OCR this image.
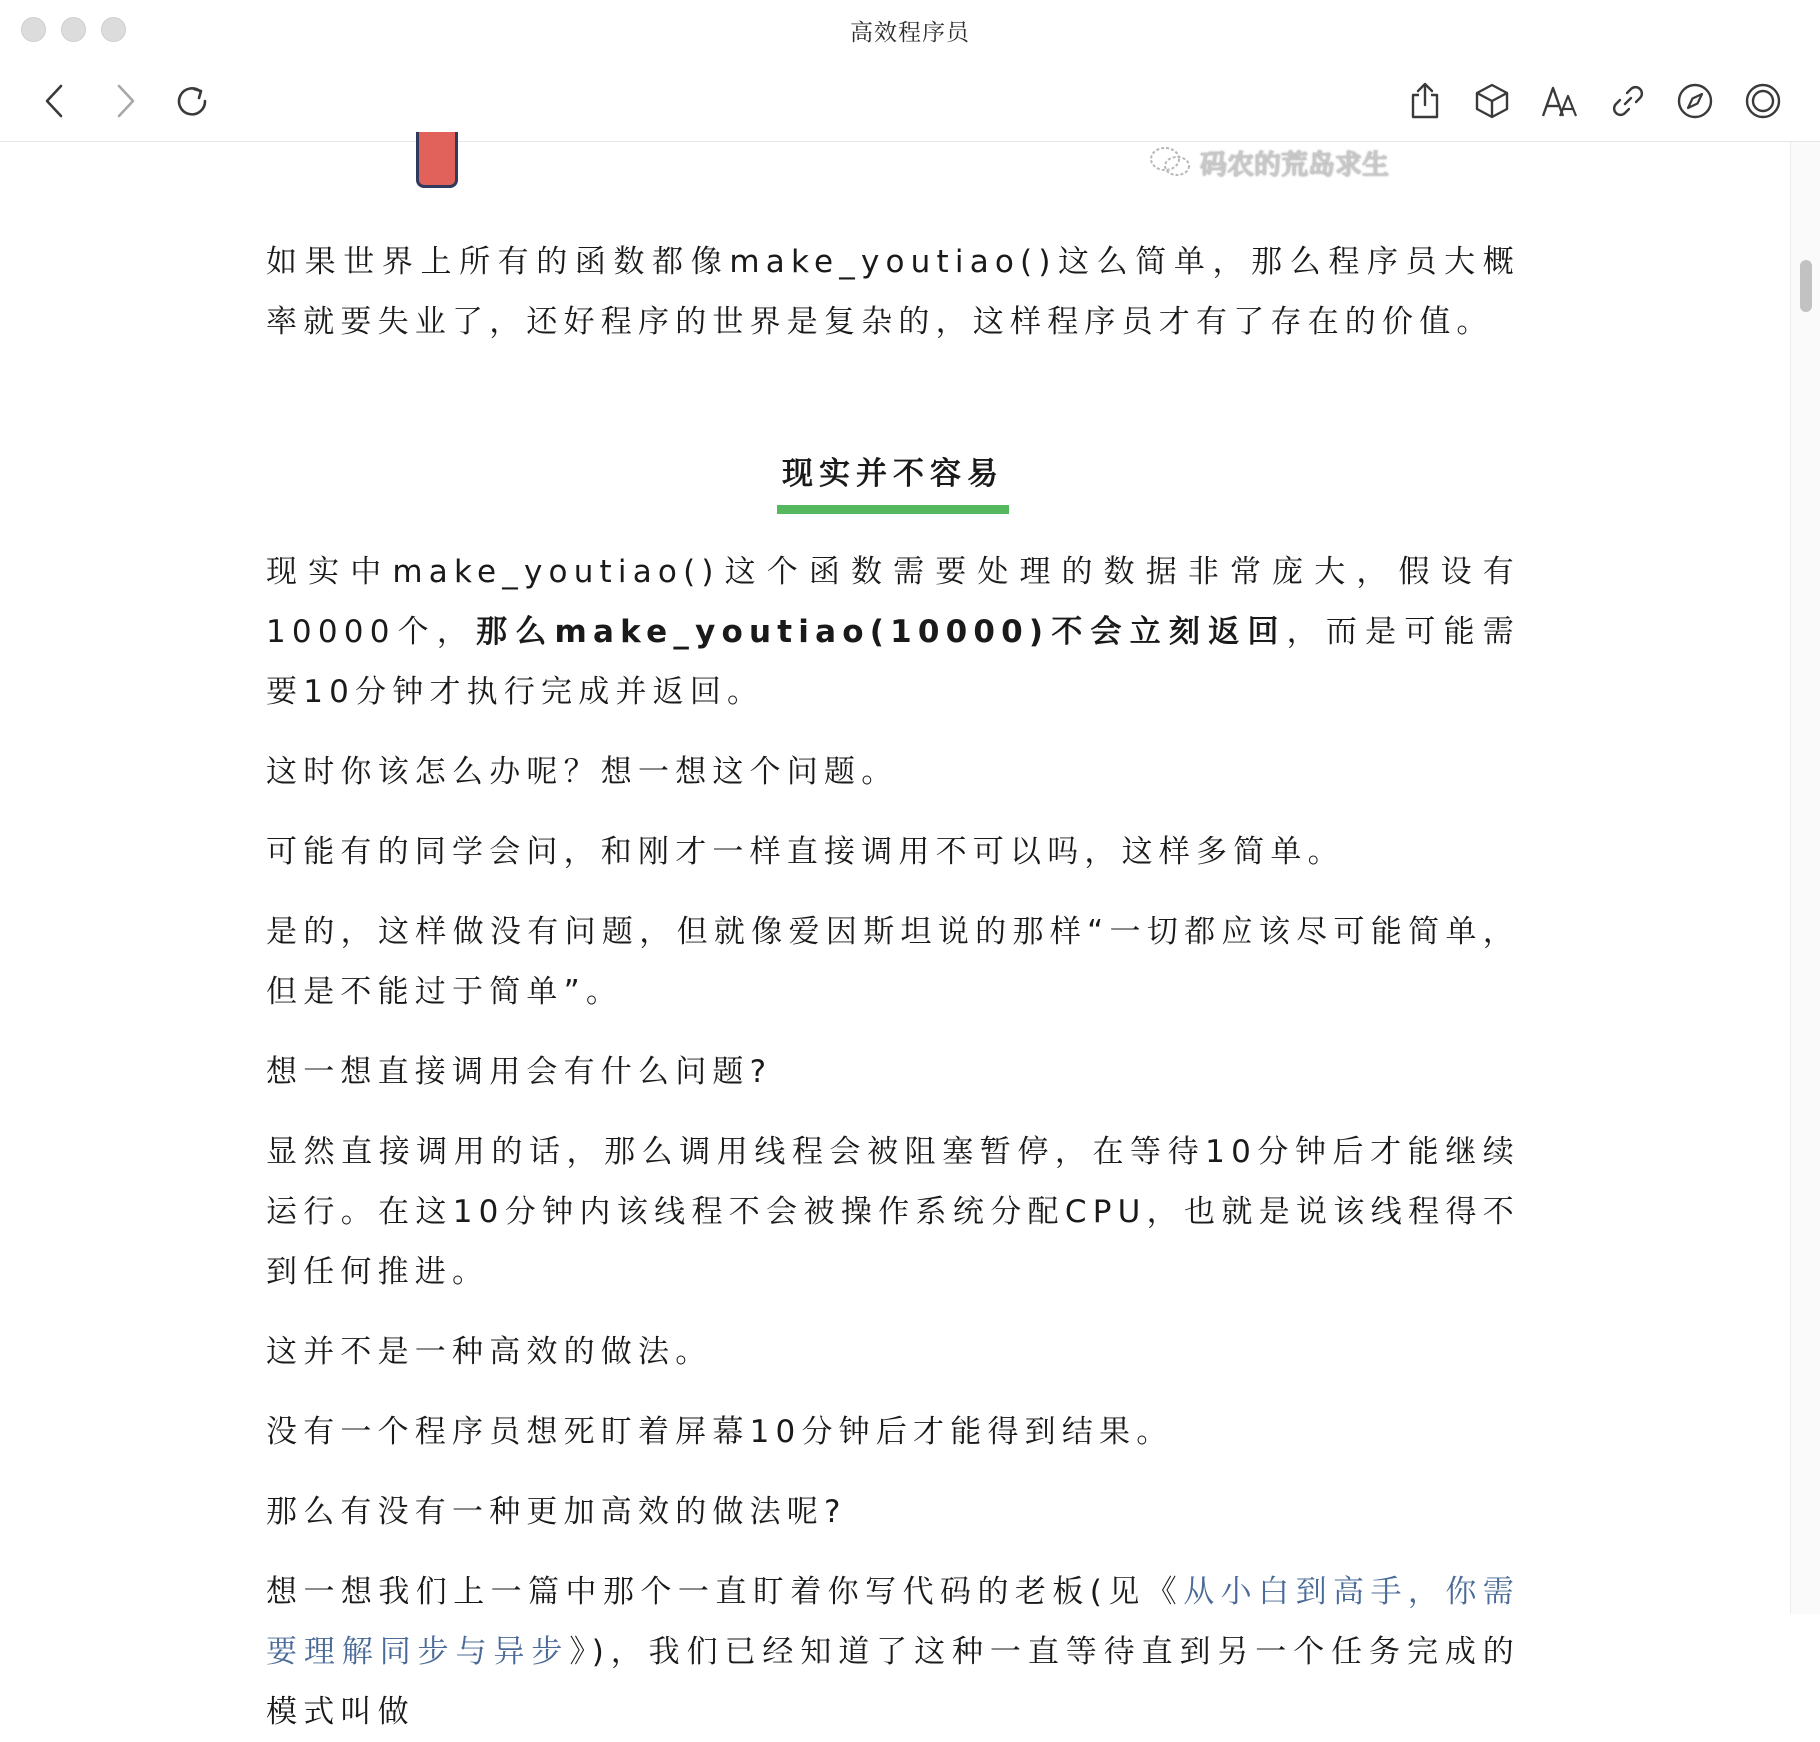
高效程序员
码农的荒岛求生

如果世界上所有的函数都像make_youtiao()这么简单，那么程序员大概率就要失业了，还好程序的世界是复杂的，这样程序员才有了存在的价值。

现实并不容易

现实中make_youtiao()这个函数需要处理的数据非常庞大，假设有10000个，那么make_youtiao(10000)不会立刻返回，而是可能需要10分钟才执行完成并返回。

这时你该怎么办呢？想一想这个问题。

可能有的同学会问，和刚才一样直接调用不可以吗，这样多简单。

是的，这样做没有问题，但就像爱因斯坦说的那样“一切都应该尽可能简单，但是不能过于简单”。

想一想直接调用会有什么问题?

显然直接调用的话，那么调用线程会被阻塞暂停，在等待10分钟后才能继续运行。在这10分钟内该线程不会被操作系统分配CPU，也就是说该线程得不到任何推进。

这并不是一种高效的做法。

没有一个程序员想死盯着屏幕10分钟后才能得到结果。

那么有没有一种更加高效的做法呢?

想一想我们上一篇中那个一直盯着你写代码的老板(见《从小白到高手，你需要理解同步与异步》)，我们已经知道了这种一直等待直到另一个任务完成的模式叫做
